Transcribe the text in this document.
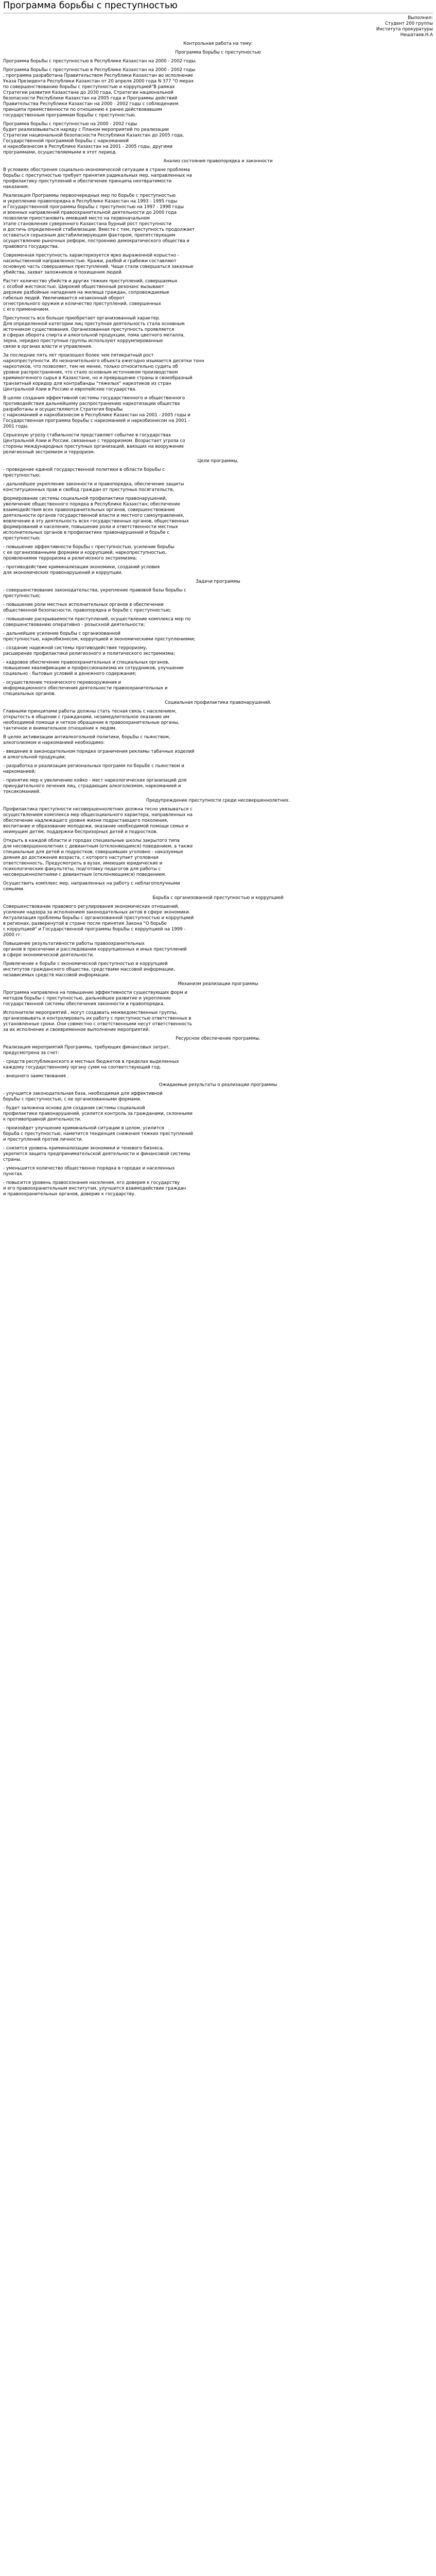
Программа борьбы с преступностью
Выполнил:
Студент 200 группы
Института прокуратуры
Нешатаев.Н.А
Контрольная работа на тему:
Программа борьбы с преступностью
Программа борьбы с преступностью в Республике Казахстан на 2000 - 2002 годы.
Программа борьбы с преступностью в Республике Казахстан на 2000 - 2002 годы
, программа разработана Правительством Республики Казахстан во исполнение
Указа Президента Республики Казахстан от 20 апреля 2000 года N 377 "О мерах
по совершенствованию борьбы с преступностью и коррупцией"В рамках
Стратегии развития Казахстана до 2030 года, Стратегии национальной
безопасности Республики Казахстан на 2005 года и Программы действий
Правительства Республики Казахстан на 2000 - 2002 годы с соблюдением
принципа преемственности по отношению к ранее действовавшим
государственным программам борьбы с преступностью.
Программа борьбы с преступностью на 2000 - 2002 годы
будет реализовываться наряду с Планом мероприятий по реализации
Стратегии национальной безопасности Республики Казахстан до 2005 года,
Государственной программой борьбы с наркоманией
и наркобизнесом в Республике Казахстан на 2001 - 2005 годы, другими
программами, осуществляемыми в этот период.
Анализ состояния правопорядка и законности
В условиях обострения социально-экономической ситуации в стране проблема
борьбы с преступностью требует принятия радикальных мер, направленных на
профилактику преступлений и обеспечение принципа неотвратимости
наказания.
Реализация Программы первоочередных мер по борьбе с преступностью
и укреплению правопорядка в Республике Казахстан на 1993 - 1995 годы
и Государственной программы борьбы с преступностью на 1997 - 1998 годы
и военных направлений правоохранительной деятельности до 2000 года
позволили приостановить имевший место на первоначальном
этапе становления суверенного Казахстана бурный рост преступности
и достичь определенной стабилизации. Вместе с тем, преступность продолжает
оставаться серьезным дестабилизирующим фактором, препятствующим
осуществлению рыночных реформ, построению демократического общества и
правового государства.
Современная преступность характеризуется ярко выраженной корыстно -
насильственной направленностью. Кражи, разбой и грабежи составляют
основную часть совершаемых преступлений. Чаще стали совершаться заказные
убийства, захват заложников и похищения людей.
Растет количество убийств и других тяжких преступлений, совершаемых
с особой жестокостью. Широкий общественный резонанс вызывают
дерзкие разбойные нападения на жилища граждан, сопровождаемые
гибелью людей. Увеличивается незаконный оборот
огнестрельного оружия и количество преступлений, совершенных
с его применением.
Преступность все больше приобретает организованный характер.
Для определенной категории лиц преступная деятельность стала основным
источником существования. Организованная преступность проявляется
в сферах оборота спирта и алкогольной продукции, пома цветного металла,
зерна, нередко преступные группы используют коррумпированные
связи в органах власти и управления.
За последние пять лет произошел более чем пятикратный рост
наркопреступности. Из незначительного объекта ежегодно изымается десятки тонн
наркотиков, что позволяет, тем не менее, только относительно судить об
уровне распространения, что стало основным источником производством
криминогенного сырья в Казахстане, но и превращение страны в своеобразный
транзитный коридор для контрабанды "тяжелых" наркотиков из стран
Центральной Азии в Россию и европейские государства.
В целях создания эффективной системы государственного и общественного
противодействия дальнейшему распространению наркотизации общества
разработаны и осуществляются Стратегия борьбы
с наркоманией и наркобизнесом в Республике Казахстан на 2001 - 2005 годы и
Государственная программа борьбы с наркоманией и наркобизнесом на 2001 -
2001 годы.
Серьезную угрозу стабильности представляет событие в государствах
Центральной Азии и России, связанные с терроризмом. Возрастает угроза со
стороны международных преступных организаций, ваязщих на вооружение
религиозный экстремизм и терроризм.
Цели программы,
- проведение единой государственной политики в области борьбы с
преступностью;
- дальнейшее укрепление законности и правопорядка, обеспечение защиты
конституционных прав и свобод граждан от преступных посягательств,
формирование системы социальной профилактики правонарушений,
увеличение общественного порядка в Республике Казахстан; обеспечение
взаимодействия всех правоохранительных органов, совершенствование
деятельности органов государственной власти и местного самоуправления,
вовлечение в эту деятельность всех государственных органов, общественных
формирований и населения, повышение роли и ответственности местных
исполнительных органов в профилактике правонарушений и борьбе с
преступностью;
- повышение эффективности борьбы с преступностью, усиление борьбы
с ее организованными формами и коррупцией, наркопреступностью,
проявлениями терроризма и религиозного экстремизма;
- противодействие криминализации экономики, созданий условия
для экономических правонарушений и коррупции.
Задачи программы
- совершенствование законодательства, укрепление правовой базы борьбы с
преступностью;
- повышение роли местных исполнительных органов в обеспечении
общественной безопасности, правопорядка и борьбе с преступностью;
- повышение раскрываемости преступлений, осуществление комплекса мер по
совершенствованию оперативно - розыскной деятельности;
- дальнейшее усиление борьбы с организованной
преступностью, наркобизнесом, коррупцией и экономическими преступлениями;
- создание надежной системы противодействия терроризму,
расширение профилактики религиозного и политического экстремизма;
- кадровое обеспечение правоохранительных и специальных органов,
повышение квалификации и профессионализма их сотрудников, улучшение
социально - бытовых условий и денежного содержания;
- осуществление технического перевооружения и
информационного обеспечения деятельности правоохранительных и
специальных органов.
Социальная профилактика правонарушений.
Главными принципами работы должны стать тесная связь с населением,
открытость в общении с гражданами, незамедлительное оказание им
необходимой помощи и четкое обращение в правоохранительные органы,
тактичное и внимательное отношение к людям.
В целях активизации антиалкогольной политики, борьбы с пьянством,
алкоголизмом и наркоманией необходимо:
- введение в законодательном порядке ограничения рекламы табачных изделий
и алкогольной продукции;
- разработка и реализация региональных программ по борьбе с пьянством и
наркоманией;
- принятие мер к увеличению койко - мест наркологических организаций для
принудительного лечения лиц, страдающих алкоголизмом, наркоманией и
токсикоманией.
Предупреждение преступности среди несовершеннолетних.
Профилактика преступности несовершеннолетних должна тесно увязываться с
осуществлением комплекса мер общесоциального характера, направленных на
обеспечение надлежащего уровня жизни подрастающего поколения,
воспитание и образование молодежи, оказание необходимой помощи семье и
неимущим детям, поддержки беспризорных детей и подростков.
Открыть в каждой области и городах специальные школы закрытого типа
для несовершеннолетних с девиантным (отклоняющимся) поведением, а также
специальные для детей и подростков, совершивших уголовно - наказуемые
деяния до достижения возраста, с которого наступает уголовная
ответственность. Предусмотреть в вузах, имеющих юридические и
психологические факультеты, подготовку педагогов для работы с
несовершеннолетними с девиантным (отклоняющимся) поведением.
Осуществить комплекс мер, направленных на работу с неблагополучными
семьями.
Борьба с организованной преступностью и коррупцией
Совершенствование правового регулирования экономических отношений,
усиление надзора за исполнением законодательных актов в сфере экономики.
Актуализация проблемы борьбы с организованной преступностью и коррупцией
в регионах, разверенутой в стране после принятия Закона "О борьбе
с коррупцией" и Государственной программы борьбы с коррупцией на 1999 -
2000 гг.
Повышение результативности работы правоохранительных
органов в пресечении и расследовании коррупционных и иных преступлений
в сфере экономической деятельности.
Привлечение к борьбе с экономической преступностью и коррупцией
институтов гражданского общества, средствами массовой информации,
независимых средств массовой информации.
Механизм реализации программы
Программа направлена на повышение эффективности существующих форм и
методов борьбы с преступностью, дальнейшее развитие и укрепление
государственной системы обеспечения законности и правопорядка.
Исполнители мероприятий , могут создавать межведомственные группы,
организовывать и контролировать их работу с преступностью ответственных в
установленные сроки. Они совместно с ответственными несут ответственность
за их исполнение и своевременное выполнение мероприятий.
Ресурсное обеспечение программы.
Реализация мероприятий Программы, требующих финансовых затрат,
предусмотрена за счет:
- средств республиканского и местных бюджетов в пределах выделенных
каждому государственному органу сумм на соответствующий год.
- внешнего заимствования .
Ожидаемые результаты о реализации программы
- улучшится законодательная база, необходимая для эффективной
борьбы с преступностью, с ее организованными формами.
- будет заложена основа для создания системы социальной
профилактики правонарушений, усилится контроль за гражданами, склонными
к противоправной деятельности.
- произойдет улучшение криминальной ситуации в целом, усилится
борьба с преступностью, наметится тенденция снижения тяжких преступлений
и преступлений против личности.
- снизится уровень криминализации экономики и теневого бизнеса,
укрепится защита предпринимательской деятельности и финансовой системы
страны.
- уменьшится количество общественно порядка в городах и населенных
пунктах.
- повысится уровень правосознания населения, его доверия к государству
и его правоохранительным институтам, улучшится взаимодействие граждан
и правоохранительных органов, доверие к государству.
